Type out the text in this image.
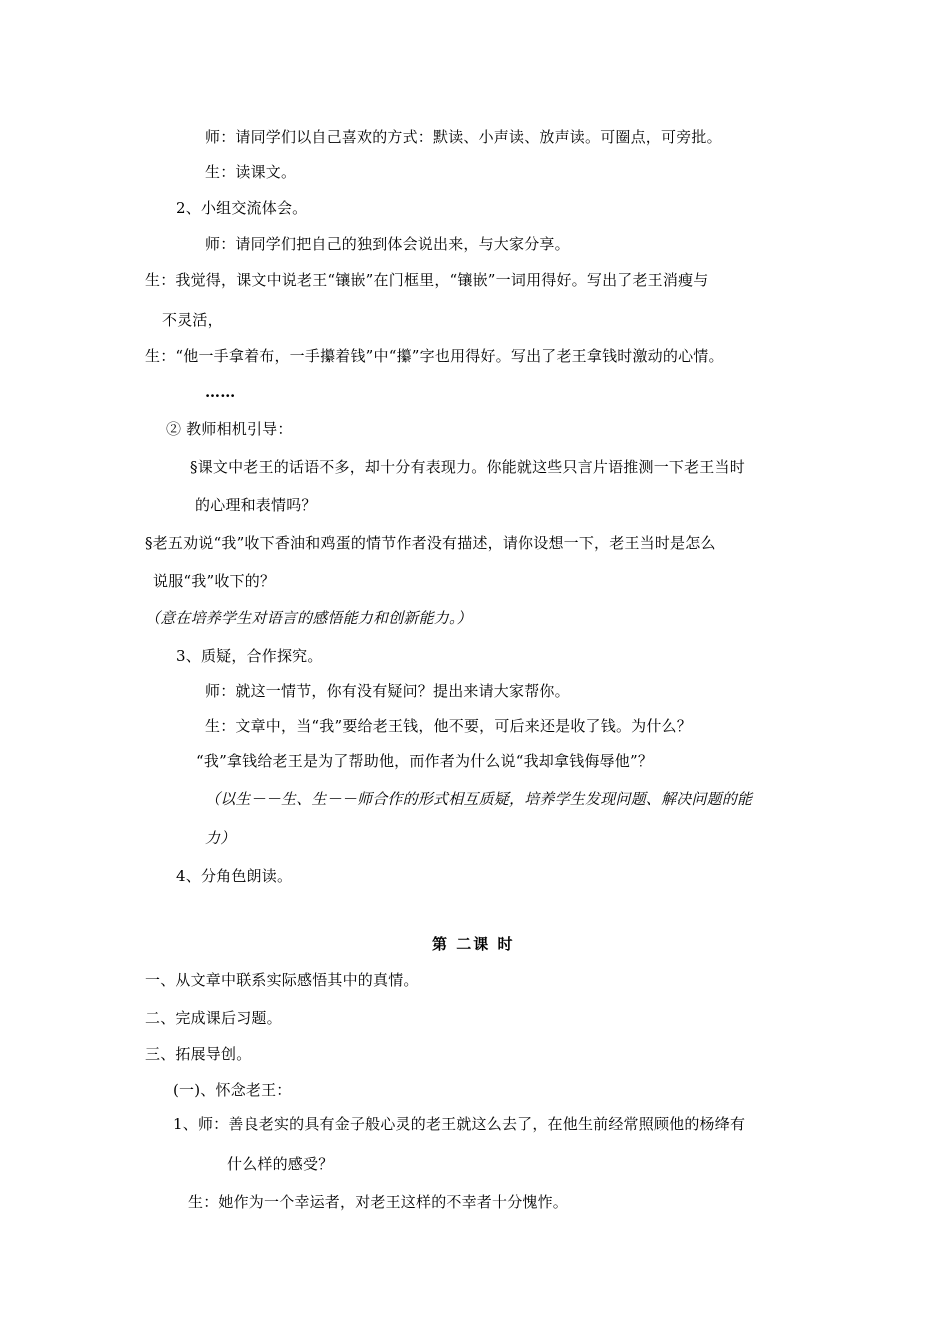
师：请同学们以自己喜欢的方式：默读、小声读、放声读。可圈点，可旁批。
生：读课文。
2、小组交流体会。
师：请同学们把自己的独到体会说出来，与大家分享。
生：我觉得，课文中说老王“镶嵌”在门框里，“镶嵌”一词用得好。写出了老王消瘦与
不灵活，
生：“他一手拿着布，一手攥着钱”中“攥”字也用得好。写出了老王拿钱时激动的心情。
……
② 教师相机引导：
§课文中老王的话语不多，却十分有表现力。你能就这些只言片语推测一下老王当时
的心理和表情吗？
§老五劝说“我”收下香油和鸡蛋的情节作者没有描述，请你设想一下，老王当时是怎么
说服“我”收下的？
（意在培养学生对语言的感悟能力和创新能力。）
3、质疑，合作探究。
师：就这一情节，你有没有疑问？提出来请大家帮你。
生：文章中，当“我”要给老王钱，他不要，可后来还是收了钱。为什么？
“我”拿钱给老王是为了帮助他，而作者为什么说“我却拿钱侮辱他”？
（以生－－生、生－－师合作的形式相互质疑，培养学生发现问题、解决问题的能
力）
4、分角色朗读。
第 二课 时
一、从文章中联系实际感悟其中的真情。
二、完成课后习题。
三、拓展导创。
(一)、怀念老王：
1、师：善良老实的具有金子般心灵的老王就这么去了，在他生前经常照顾他的杨绛有
什么样的感受？
生：她作为一个幸运者，对老王这样的不幸者十分愧怍。
